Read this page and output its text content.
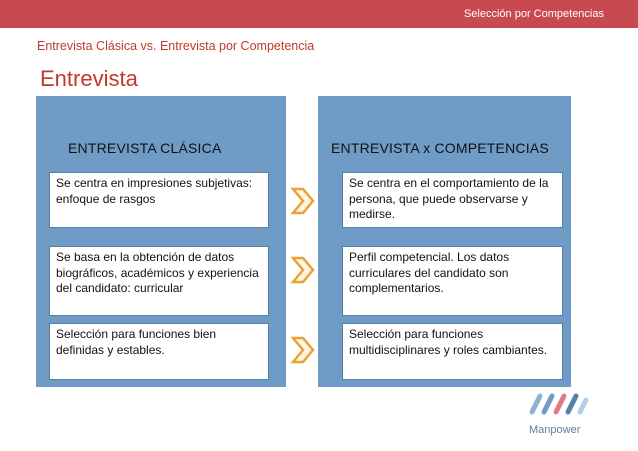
Selección por Competencias
Entrevista Clásica vs. Entrevista por Competencia
Entrevista
ENTREVISTA CLÁSICA	ENTREVISTA x COMPETENCIAS
Se centra en impresiones subjetivas: enfoque de rasgos
Se basa en la obtención de datos biográficos, académicos y experiencia del candidato: curricular
Selección para funciones bien definidas y estables.
Se centra en el comportamiento de la persona, que puede observarse y medirse.
Perfil competencial. Los datos curriculares del candidato son complementarios.
Selección para funciones multidisciplinares y roles cambiantes.
Manpower
